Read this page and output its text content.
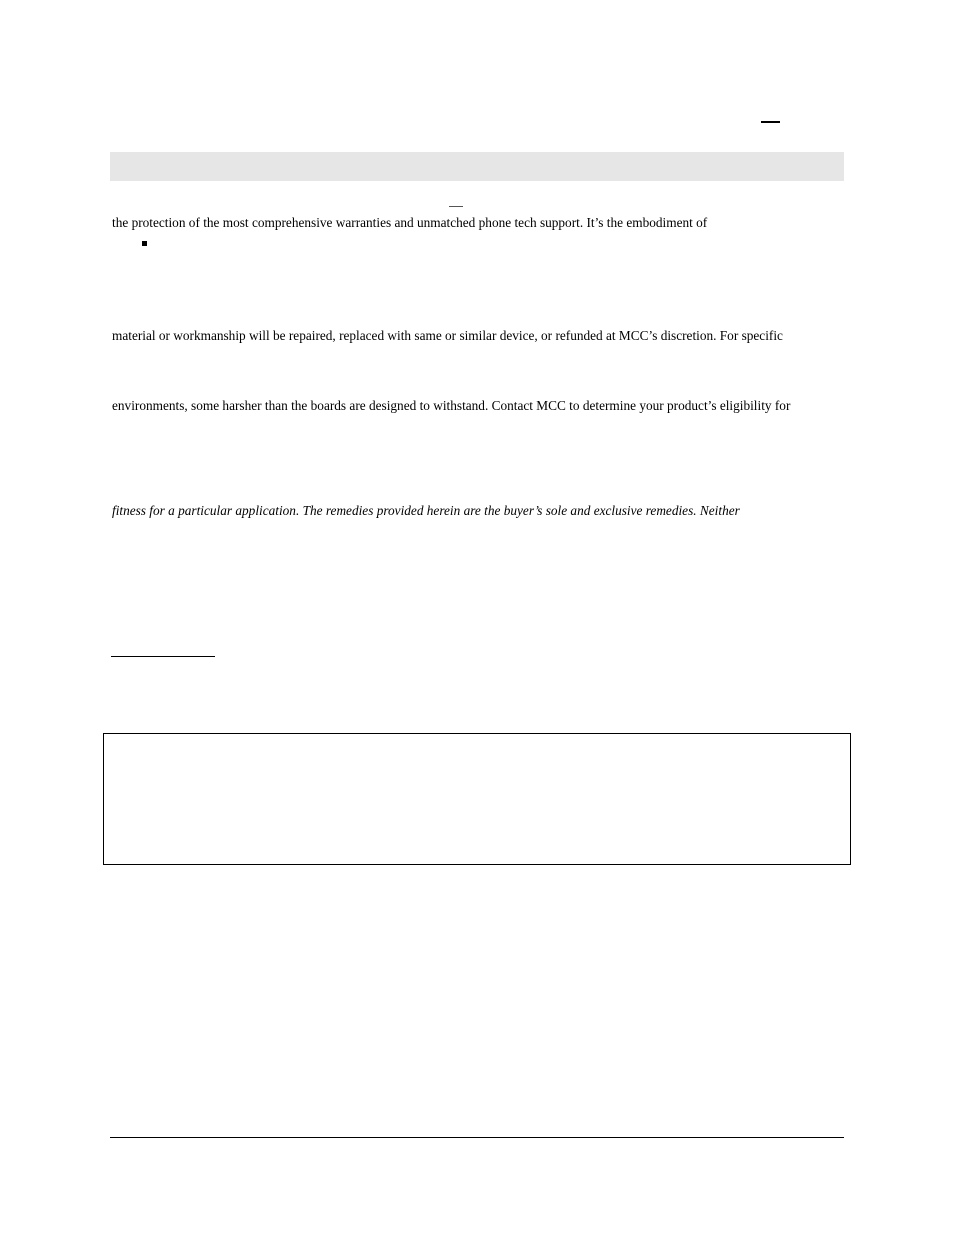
the protection of the most comprehensive warranties and unmatched phone tech support. It’s the embodiment of
material or workmanship will be repaired, replaced with same or similar device, or refunded at MCC’s discretion. For specific
environments, some harsher than the boards are designed to withstand. Contact MCC to determine your product’s eligibility for
fitness for a particular application. The remedies provided herein are the buyer’s sole and exclusive remedies. Neither
